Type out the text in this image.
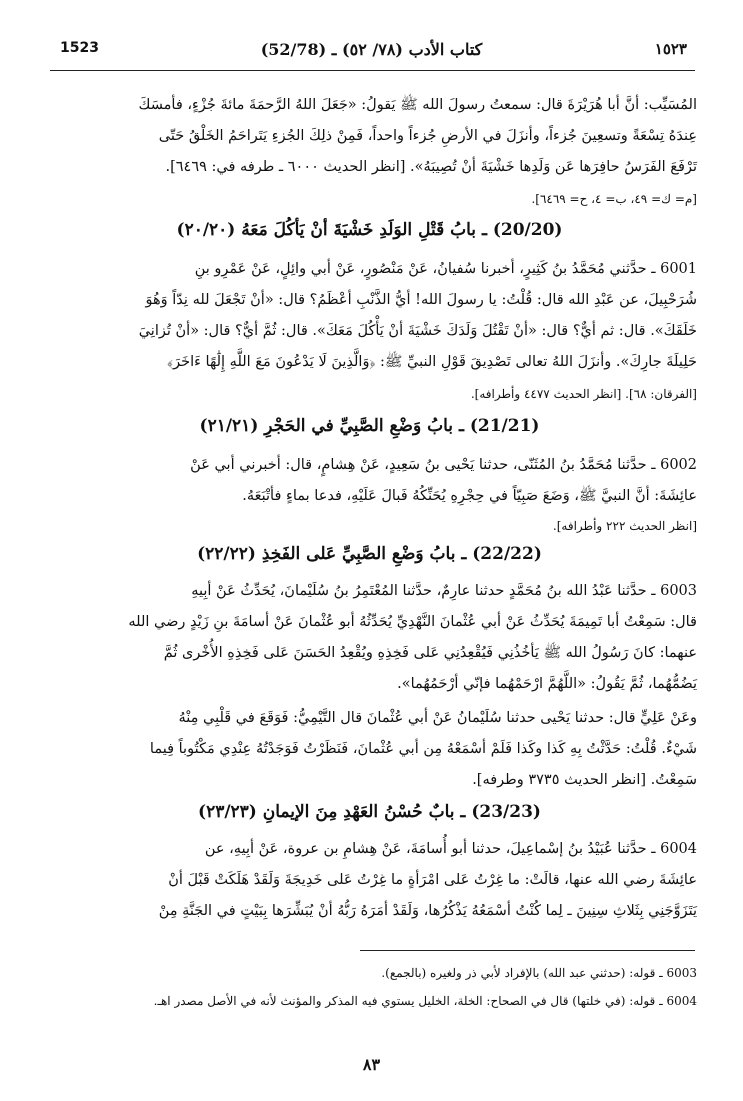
1523	كتاب الأدب (٧٨/ ٥٢) ـ (52/78)	١٥٢٣
المُسَيِّب: أنَّ أبا هُرَيْرَةَ قال: سمعتُ رسولَ الله ﷺ يَقولُ: «جَعَلَ اللهُ الرَّحمَةَ مائةَ جُزْءٍ، فأمسَكَ
عِندَهُ تِسْعَةً وتسعِينَ جُزءاً، وأنزَلَ في الأرضِ جُزءاً واحداً، فَمِنْ ذلِكَ الجُزءِ يَتَراحَمُ الخَلْقُ حَتّى
تَرْفَعَ الفَرَسُ حافِرَها عَن وَلَدِها خَشْيَةَ أنْ تُصِيبَهُ». [انظر الحديث ٦٠٠٠ ـ طرفه في: ٦٤٦٩].
[م= ك= ٤٩، ب= ٤، ح= ٦٤٦٩].
(20/20) ـ بابُ قَتْلِ الوَلَدِ خَشْيَةَ أنْ يَأكُلَ مَعَهُ (٢٠/٢٠)
6001 ـ حدَّثني مُحَمَّدُ بنُ كَثِيرٍ، أخبرنا سُفيانُ، عَنْ مَنْصُورٍ، عَنْ أبي وائِلٍ، عَنْ عَمْرِو بنِ
شُرَحْبِيلَ، عن عَبْدِ الله قال: قُلْتُ: يا رسولَ الله! أيُّ الذَّنْبِ أعْظَمُ؟ قال: «أنْ تَجْعَلَ لله نِدّاً وَهُوَ
خَلَقَكَ». قال: ثم أيٌّ؟ قال: «أنْ تَقْتُلَ وَلَدَكَ خَشْيَةَ أنْ يَأْكُلَ مَعَكَ». قال: ثُمَّ أيٌّ؟ قال: «أنْ تُزانِيَ
حَلِيلَةَ جارِكَ». وأنزَلَ اللهُ تعالى تَصْدِيقَ قَوْلِ النبيِّ ﷺ: ﴿وَالَّذِينَ لَا يَدْعُونَ مَعَ اللَّهِ إِلَٰهًا ءَاخَرَ﴾
[الفرقان: ٦٨]. [انظر الحديث ٤٤٧٧ وأطرافه].
(21/21) ـ بابُ وَضْعِ الصَّبِيِّ في الحَجْرِ (٢١/٢١)
6002 ـ حدَّثنا مُحَمَّدُ بنُ المُثَنّى، حدثنا يَحْيى بنُ سَعِيدٍ، عَنْ هِشامٍ، قال: أخبرني أبي عَنْ
عائِشَةَ: أنَّ النبيَّ ﷺ، وَضَعَ صَبِيّاً في حِجْرِهِ يُحَنِّكُهُ فَبالَ عَلَيْهِ، فدعا بماءٍ فأتْبَعَهُ.
[انظر الحديث ٢٢٢ وأطرافه].
(22/22) ـ بابُ وَضْعِ الصَّبِيِّ عَلى الفَخِذِ (٢٢/٢٢)
6003 ـ حدَّثنا عَبْدُ الله بنُ مُحَمَّدٍ حدثنا عارِمٌ، حدَّثنا المُعْتَمِرُ بنُ سُلَيْمانَ، يُحَدِّثُ عَنْ أبِيهِ
قال: سَمِعْتُ أبا تَمِيمَةَ يُحَدِّثُ عَنْ أبي عُثْمانَ النَّهْدِيِّ يُحَدِّثُهُ أبو عُثْمانَ عَنْ أسامَةَ بنِ زَيْدٍ رضي الله
عنهما: كانَ رَسُولُ الله ﷺ يَأخُذُنِي فَيُقْعِدُنِي عَلى فَخِذِهِ ويُقْعِدُ الحَسَنَ عَلى فَخِذِهِ الأُخْرى ثُمَّ
يَضُمُّهُما، ثُمَّ يَقُولُ: «اللَّهُمَّ ارْحَمْهُما فإنّي أرْحَمُهُما».
وعَنْ عَلِيٍّ قال: حدثنا يَحْيى حدثنا سُلَيْمانُ عَنْ أبي عُثْمانَ قال التَّيْمِيُّ: فَوَقَعَ في قَلْبِي مِنْهُ
شَيْءٌ. قُلْتُ: حَدَّثْتُ بِهِ كَذا وكَذا فَلَمْ أسْمَعْهُ مِن أبي عُثْمانَ، فَنَظَرْتُ فَوَجَدْتُهُ عِنْدِي مَكْتُوباً فِيما
سَمِعْتُ. [انظر الحديث ٣٧٣٥ وطرفه].
(23/23) ـ بابٌ حُسْنُ العَهْدِ مِنَ الإيمانِ (٢٣/٢٣)
6004 ـ حدَّثنا عُبَيْدُ بنُ إسْماعِيلَ، حدثنا أبو أُسامَةَ، عَنْ هِشامِ بن عروة، عَنْ أبِيهِ، عن
عائِشَةَ رضي الله عنها، قالَتْ: ما غِرْتُ عَلى امْرَأةٍ ما غِرْتُ عَلى خَدِيجَةَ وَلَقَدْ هَلَكَتْ قَبْلَ أنْ
يَتَزَوَّجَنِي بِثَلاثِ سِنِينَ ـ لِما كُنْتُ أسْمَعُهُ يَذْكُرُها، وَلَقَدْ أمَرَهُ رَبُّهُ أنْ يُبَشِّرَها بِبَيْتٍ في الجَنَّةِ مِنْ
6003 ـ قوله: (حدثني عبد الله) بالإفراد لأبي ذر ولغيره (بالجمع).
6004 ـ قوله: (في خلتها) قال في الصحاح: الخلة، الخليل يستوي فيه المذكر والمؤنث لأنه في الأصل مصدر اهـ.
٨٣
